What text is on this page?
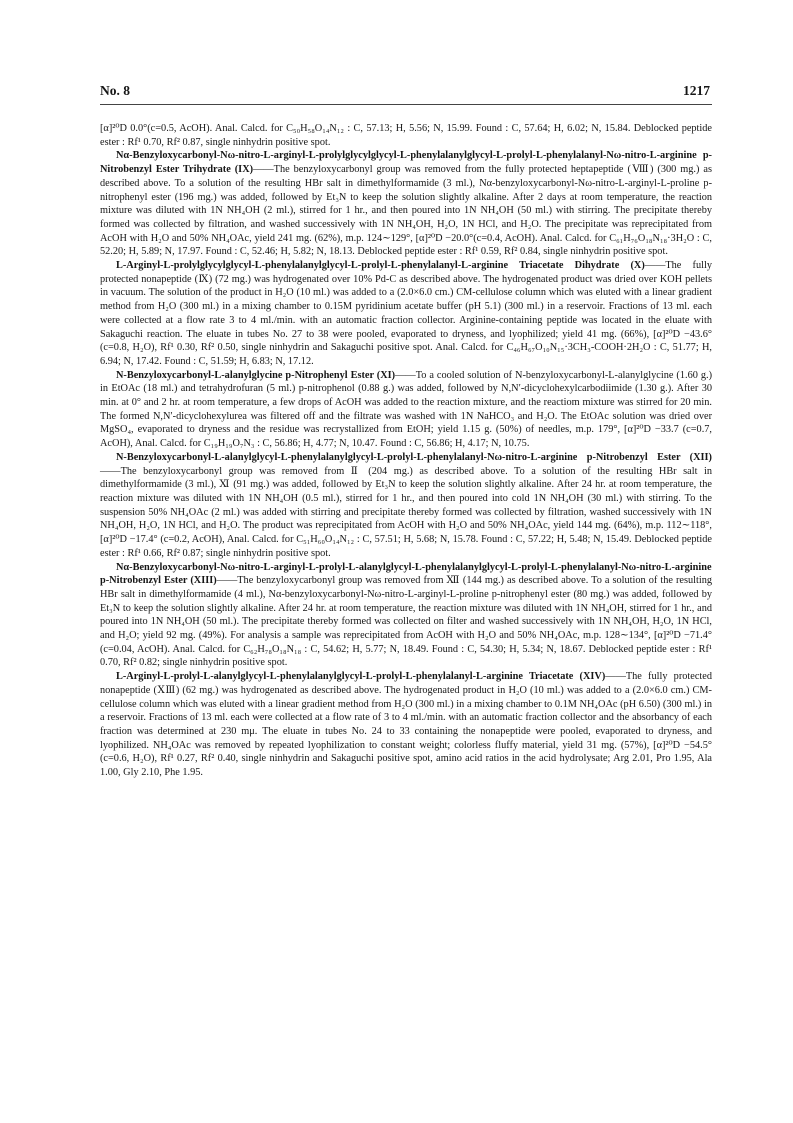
No. 8	1217

[α]²⁰D 0.0°(c=0.5, AcOH). Anal. Calcd. for C₅₀H₅₈O₁₄N₁₂ : C, 57.13; H, 5.56; N, 15.99. Found : C, 57.64; H, 6.02; N, 15.84. Deblocked peptide ester : Rf¹ 0.70, Rf² 0.87, single ninhydrin positive spot.

Nα-Benzyloxycarbonyl-Nω-nitro-L-arginyl-L-prolylglycylglycyl-L-phenylalanylglycyl-L-prolyl-L-phenylalanyl-Nω-nitro-L-arginine p-Nitrobenzyl Ester Trihydrate (IX)——The benzyloxycarbonyl group was removed from the fully protected heptapeptide (Ⅷ) (300 mg.) as described above. To a solution of the resulting HBr salt in dimethylformamide (3 ml.), Nα-benzyloxycarbonyl-Nω-nitro-L-arginyl-L-proline p-nitrophenyl ester (196 mg.) was added, followed by Et₃N to keep the solution slightly alkaline. After 2 days at room temperature, the reaction mixture was diluted with 1N NH₄OH (2 ml.), stirred for 1 hr., and then poured into 1N NH₄OH (50 ml.) with stirring. The precipitate thereby formed was collected by filtration, and washed successively with 1N NH₄OH, H₂O, 1N HCl, and H₂O. The precipitate was reprecipitated from AcOH with H₂O and 50% NH₄OAc, yield 241 mg. (62%), m.p. 124∼129°, [α]²⁰D −20.0°(c=0.4, AcOH). Anal. Calcd. for C₆₁H₇₆O₁₈N₁₈·3H₂O : C, 52.20; H, 5.89; N, 17.97. Found : C, 52.46; H, 5.82; N, 18.13. Deblocked peptide ester : Rf¹ 0.59, Rf² 0.84, single ninhydrin positive spot.

L-Arginyl-L-prolylglycylglycyl-L-phenylalanylglycyl-L-prolyl-L-phenylalanyl-L-arginine Triacetate Dihydrate (X)——The fully protected nonapeptide (Ⅸ) (72 mg.) was hydrogenated over 10% Pd-C as described above. The hydrogenated product was dried over KOH pellets in vacuum. The solution of the product in H₂O (10 ml.) was added to a (2.0×6.0 cm.) CM-cellulose column which was eluted with a linear gradient method from H₂O (300 ml.) in a mixing chamber to 0.15M pyridinium acetate buffer (pH 5.1) (300 ml.) in a reservoir. Fractions of 13 ml. each were collected at a flow rate 3 to 4 ml./min. with an automatic fraction collector. Arginine-containing peptide was located in the eluate with Sakaguchi reaction. The eluate in tubes No. 27 to 38 were pooled, evaporated to dryness, and lyophilized; yield 41 mg. (66%), [α]²⁰D −43.6° (c=0.8, H₂O), Rf¹ 0.30, Rf² 0.50, single ninhydrin and Sakaguchi positive spot. Anal. Calcd. for C₄₆H₆₇O₁₀N₁₅·3CH₃-COOH·2H₂O : C, 51.77; H, 6.94; N, 17.42. Found : C, 51.59; H, 6.83; N, 17.12.

N-Benzyloxycarbonyl-L-alanylglycine p-Nitrophenyl Ester (XI)——To a cooled solution of N-benzyloxycarbonyl-L-alanylglycine (1.60 g.) in EtOAc (18 ml.) and tetrahydrofuran (5 ml.) p-nitrophenol (0.88 g.) was added, followed by N,N′-dicyclohexylcarbodiimide (1.30 g.). After 30 min. at 0° and 2 hr. at room temperature, a few drops of AcOH was added to the reaction mixture, and the reactiom mixture was stirred for 20 min. The formed N,N′-dicyclohexylurea was filtered off and the filtrate was washed with 1N NaHCO₃ and H₂O. The EtOAc solution was dried over MgSO₄, evaporated to dryness and the residue was recrystallized from EtOH; yield 1.15 g. (50%) of needles, m.p. 179°, [α]²⁰D −33.7 (c=0.7, AcOH), Anal. Calcd. for C₁₉H₁₉O₇N₃ : C, 56.86; H, 4.77; N, 10.47. Found : C, 56.86; H, 4.17; N, 10.75.

N-Benzyloxycarbonyl-L-alanylglycyl-L-phenylalanylglycyl-L-prolyl-L-phenylalanyl-Nω-nitro-L-arginine p-Nitrobenzyl Ester (XII)——The benzyloxycarbonyl group was removed from Ⅱ (204 mg.) as described above. To a solution of the resulting HBr salt in dimethylformamide (3 ml.), Ⅺ (91 mg.) was added, followed by Et₃N to keep the solution slightly alkaline. After 24 hr. at room temperature, the reaction mixture was diluted with 1N NH₄OH (0.5 ml.), stirred for 1 hr., and then poured into cold 1N NH₄OH (30 ml.) with stirring. To the suspension 50% NH₄OAc (2 ml.) was added with stirring and precipitate thereby formed was collected by filtration, washed successively with 1N NH₄OH, H₂O, 1N HCl, and H₂O. The product was reprecipitated from AcOH with H₂O and 50% NH₄OAc, yield 144 mg. (64%), m.p. 112∼118°, [α]²⁰D −17.4° (c=0.2, AcOH), Anal. Calcd. for C₅₁H₆₀O₁₄N₁₂ : C, 57.51; H, 5.68; N, 15.78. Found : C, 57.22; H, 5.48; N, 15.49. Deblocked peptide ester : Rf¹ 0.66, Rf² 0.87; single ninhydrin positive spot.

Nα-Benzyloxycarbonyl-Nω-nitro-L-arginyl-L-prolyl-L-alanylglycyl-L-phenylalanylglycyl-L-prolyl-L-phenylalanyl-Nω-nitro-L-arginine p-Nitrobenzyl Ester (XIII)——The benzyloxycarbonyl group was removed from Ⅻ (144 mg.) as described above. To a solution of the resulting HBr salt in dimethylformamide (4 ml.), Nα-benzyloxycarbonyl-Nω-nitro-L-arginyl-L-proline p-nitrophenyl ester (80 mg.) was added, followed by Et₃N to keep the solution slightly alkaline. After 24 hr. at room temperature, the reaction mixture was diluted with 1N NH₄OH, stirred for 1 hr., and poured into 1N NH₄OH (50 ml.). The precipitate thereby formed was collected on filter and washed successively with 1N NH₄OH, H₂O, 1N HCl, and H₂O; yield 92 mg. (49%). For analysis a sample was reprecipitated from AcOH with H₂O and 50% NH₄OAc, m.p. 128∼134°, [α]²⁰D −71.4°(c=0.04, AcOH). Anal. Calcd. for C₆₂H₇₈O₁₈N₁₈ : C, 54.62; H, 5.77; N, 18.49. Found : C, 54.30; H, 5.34; N, 18.67. Deblocked peptide ester : Rf¹ 0.70, Rf² 0.82; single ninhydrin positive spot.

L-Arginyl-L-prolyl-L-alanylglycyl-L-phenylalanylglycyl-L-prolyl-L-phenylalanyl-L-arginine Triacetate (XIV)——The fully protected nonapeptide (ⅩⅢ) (62 mg.) was hydrogenated as described above. The hydrogenated product in H₂O (10 ml.) was added to a (2.0×6.0 cm.) CM-cellulose column which was eluted with a linear gradient method from H₂O (300 ml.) in a mixing chamber to 0.1M NH₄OAc (pH 6.50) (300 ml.) in a reservoir. Fractions of 13 ml. each were collected at a flow rate of 3 to 4 ml./min. with an automatic fraction collector and the absorbancy of each fraction was determined at 230 mμ. The eluate in tubes No. 24 to 33 containing the nonapeptide were pooled, evaporated to dryness, and lyophilized. NH₄OAc was removed by repeated lyophilization to constant weight; colorless fluffy material, yield 31 mg. (57%), [α]²⁰D −54.5°(c=0.6, H₂O), Rf¹ 0.27, Rf² 0.40, single ninhydrin and Sakaguchi positive spot, amino acid ratios in the acid hydrolysate; Arg 2.01, Pro 1.95, Ala 1.00, Gly 2.10, Phe 1.95.
